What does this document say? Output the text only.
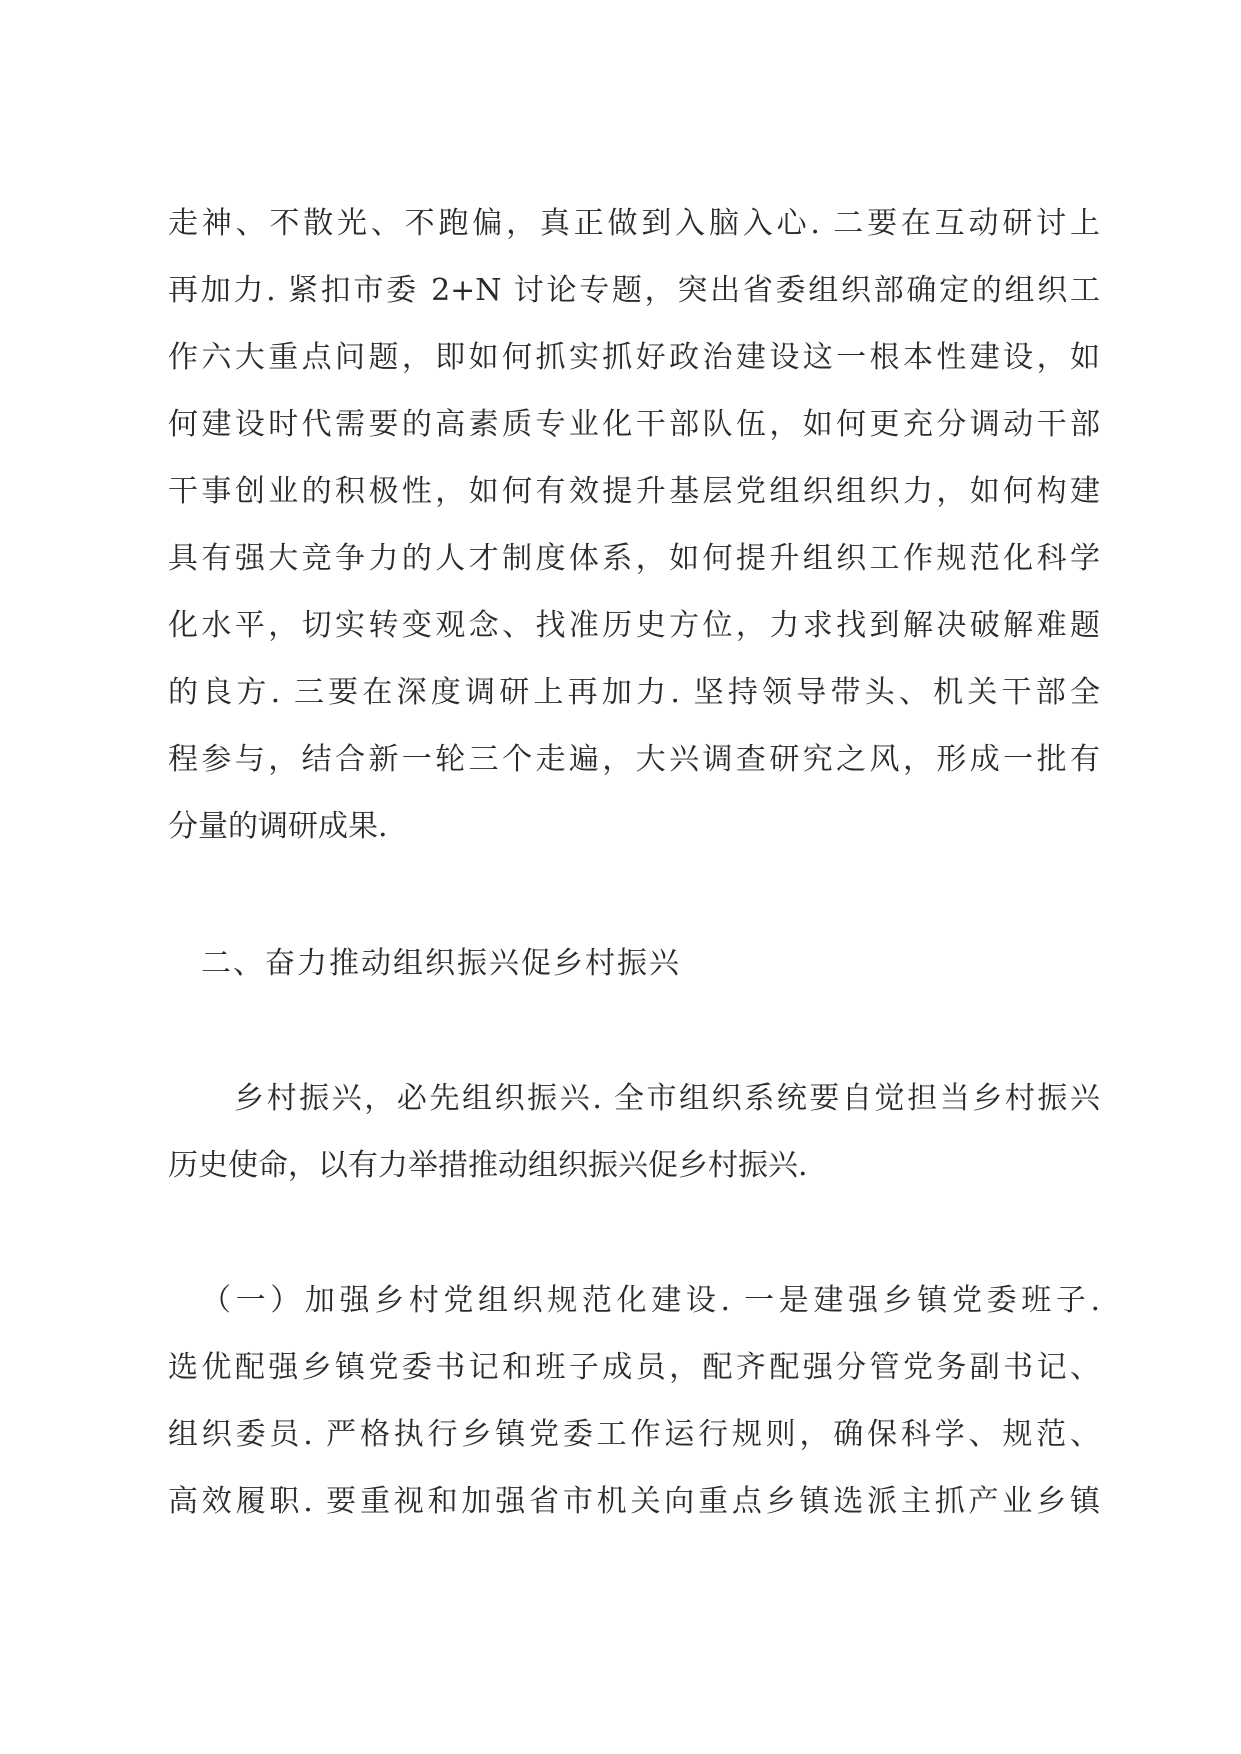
走神、不散光、不跑偏，真正做到入脑入心. 二要在互动研讨上
再加力. 紧扣市委 2+N 讨论专题，突出省委组织部确定的组织工
作六大重点问题，即如何抓实抓好政治建设这一根本性建设，如
何建设时代需要的高素质专业化干部队伍，如何更充分调动干部
干事创业的积极性，如何有效提升基层党组织组织力，如何构建
具有强大竞争力的人才制度体系，如何提升组织工作规范化科学
化水平，切实转变观念、找准历史方位，力求找到解决破解难题
的良方. 三要在深度调研上再加力. 坚持领导带头、机关干部全
程参与，结合新一轮三个走遍，大兴调查研究之风，形成一批有
分量的调研成果.
二、奋力推动组织振兴促乡村振兴
乡村振兴，必先组织振兴. 全市组织系统要自觉担当乡村振兴
历史使命，以有力举措推动组织振兴促乡村振兴.
（一）加强乡村党组织规范化建设. 一是建强乡镇党委班子.
选优配强乡镇党委书记和班子成员，配齐配强分管党务副书记、
组织委员. 严格执行乡镇党委工作运行规则，确保科学、规范、
高效履职. 要重视和加强省市机关向重点乡镇选派主抓产业乡镇
